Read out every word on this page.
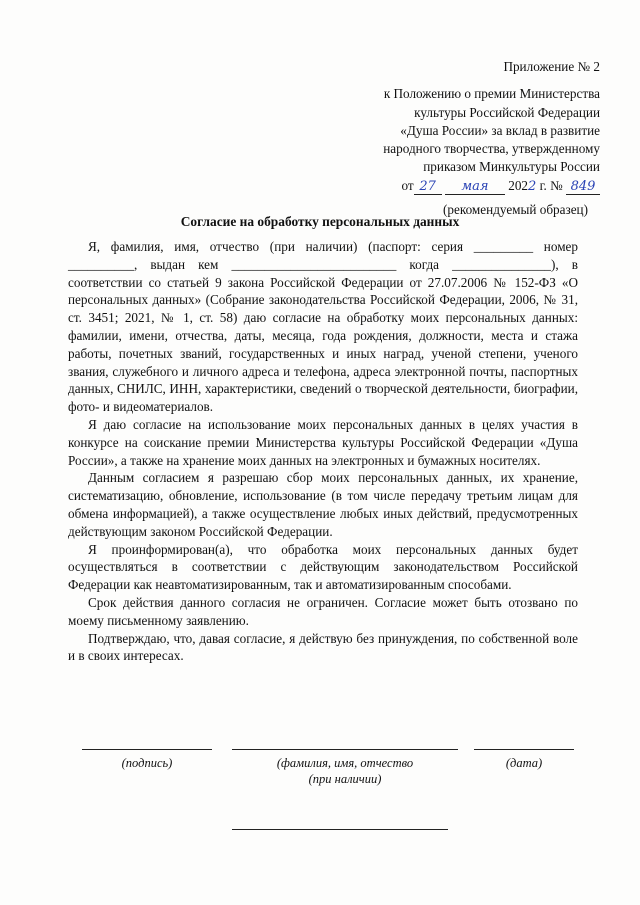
Приложение № 2
к Положению о премии Министерства
культуры Российской Федерации
«Душа России» за вклад в развитие
народного творчества, утвержденному
приказом Минкультуры России
от 27 мая 2022 г. № 849
(рекомендуемый образец)
Согласие на обработку персональных данных

Я, фамилия, имя, отчество (при наличии) (паспорт: серия _________ номер __________, выдан кем _________________________ когда _______________), в соответствии со статьей 9 закона Российской Федерации от 27.07.2006 № 152-ФЗ «О персональных данных» (Собрание законодательства Российской Федерации, 2006, № 31, ст. 3451; 2021, № 1, ст. 58) даю согласие на обработку моих персональных данных: фамилии, имени, отчества, даты, месяца, года рождения, должности, места и стажа работы, почетных званий, государственных и иных наград, ученой степени, ученого звания, служебного и личного адреса и телефона, адреса электронной почты, паспортных данных, СНИЛС, ИНН, характеристики, сведений о творческой деятельности, биографии, фото- и видеоматериалов.

Я даю согласие на использование моих персональных данных в целях участия в конкурсе на соискание премии Министерства культуры Российской Федерации «Душа России», а также на хранение моих данных на электронных и бумажных носителях.

Данным согласием я разрешаю сбор моих персональных данных, их хранение, систематизацию, обновление, использование (в том числе передачу третьим лицам для обмена информацией), а также осуществление любых иных действий, предусмотренных действующим законом Российской Федерации.

Я проинформирован(а), что обработка моих персональных данных будет осуществляться в соответствии с действующим законодательством Российской Федерации как неавтоматизированным, так и автоматизированным способами.

Срок действия данного согласия не ограничен. Согласие может быть отозвано по моему письменному заявлению.

Подтверждаю, что, давая согласие, я действую без принуждения, по собственной воле и в своих интересах.

(подпись)	(фамилия, имя, отчество
(при наличии)
(дата)
